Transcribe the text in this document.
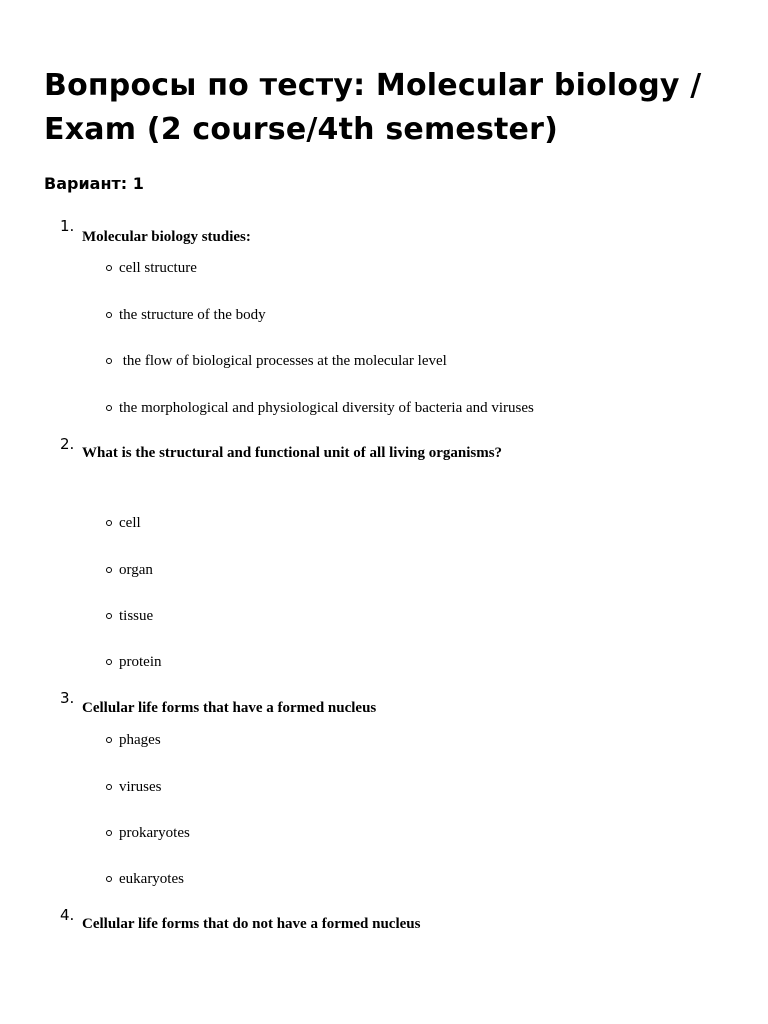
Вопросы по тесту: Molecular biology / Exam (2 course/4th semester)
Вариант: 1
1.
Molecular biology studies:
cell structure
the structure of the body
the flow of biological processes at the molecular level
the morphological and physiological diversity of bacteria and viruses
2. What is the structural and functional unit of all living organisms?
cell
organ
tissue
protein
3.
Cellular life forms that have a formed nucleus
phages
viruses
prokaryotes
eukaryotes
4. Cellular life forms that do not have a formed nucleus
